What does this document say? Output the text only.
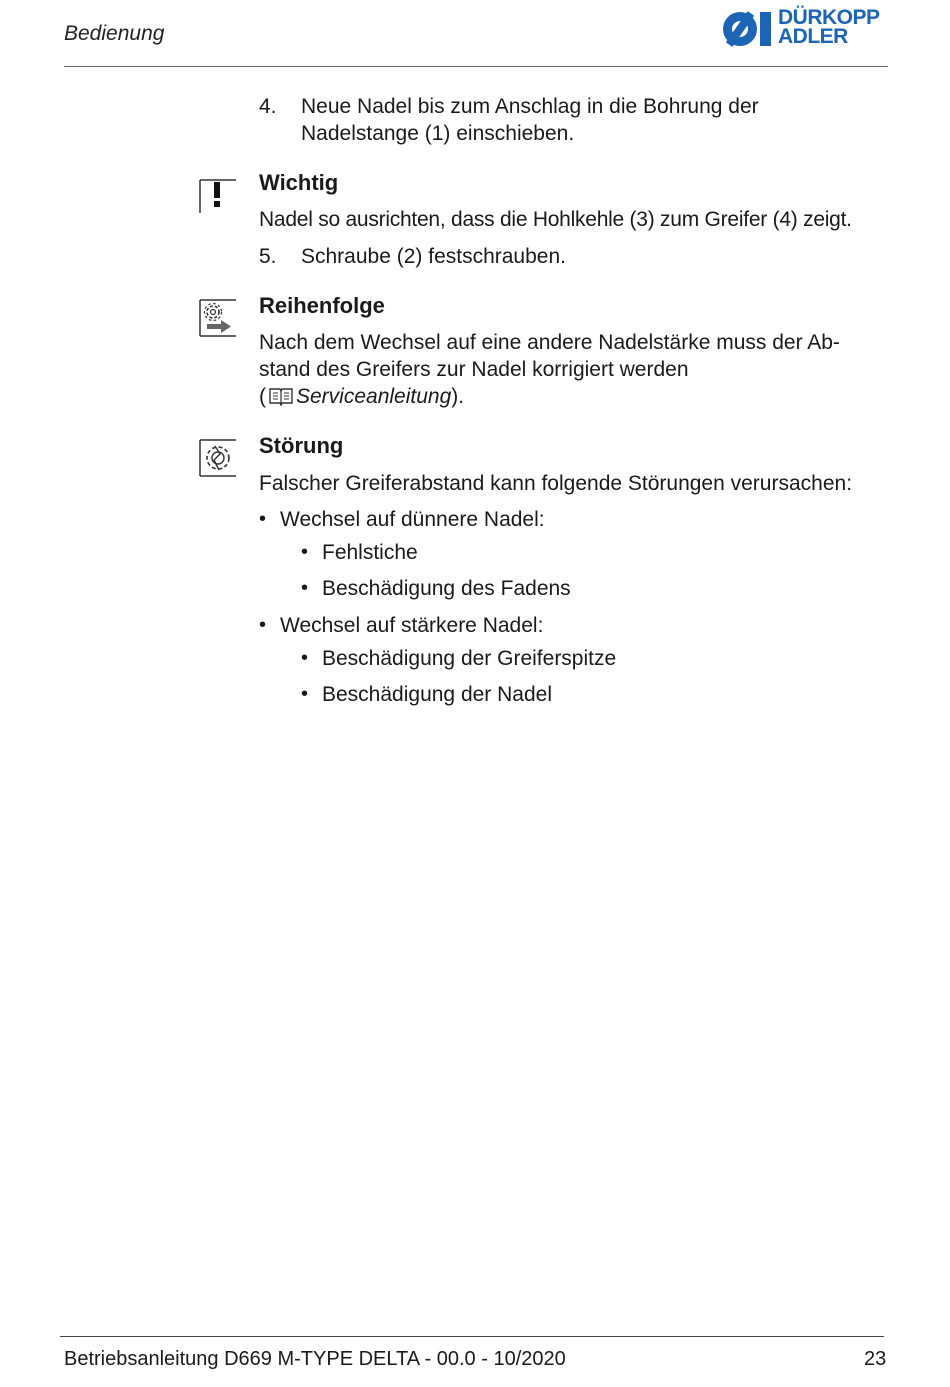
Bedienung
DÜRKOPP
ADLER
4. Neue Nadel bis zum Anschlag in die Bohrung der
Nadelstange (1) einschieben.
Wichtig
Nadel so ausrichten, dass die Hohlkehle (3) zum Greifer (4) zeigt.
5. Schraube (2) festschrauben.
Reihenfolge
Nach dem Wechsel auf eine andere Nadelstärke muss der Ab-
stand des Greifers zur Nadel korrigiert werden
( Serviceanleitung).
Störung
Falscher Greiferabstand kann folgende Störungen verursachen:
• Wechsel auf dünnere Nadel:
• Fehlstiche
• Beschädigung des Fadens
• Wechsel auf stärkere Nadel:
• Beschädigung der Greiferspitze
• Beschädigung der Nadel
Betriebsanleitung D669 M-TYPE DELTA - 00.0 - 10/2020	23
